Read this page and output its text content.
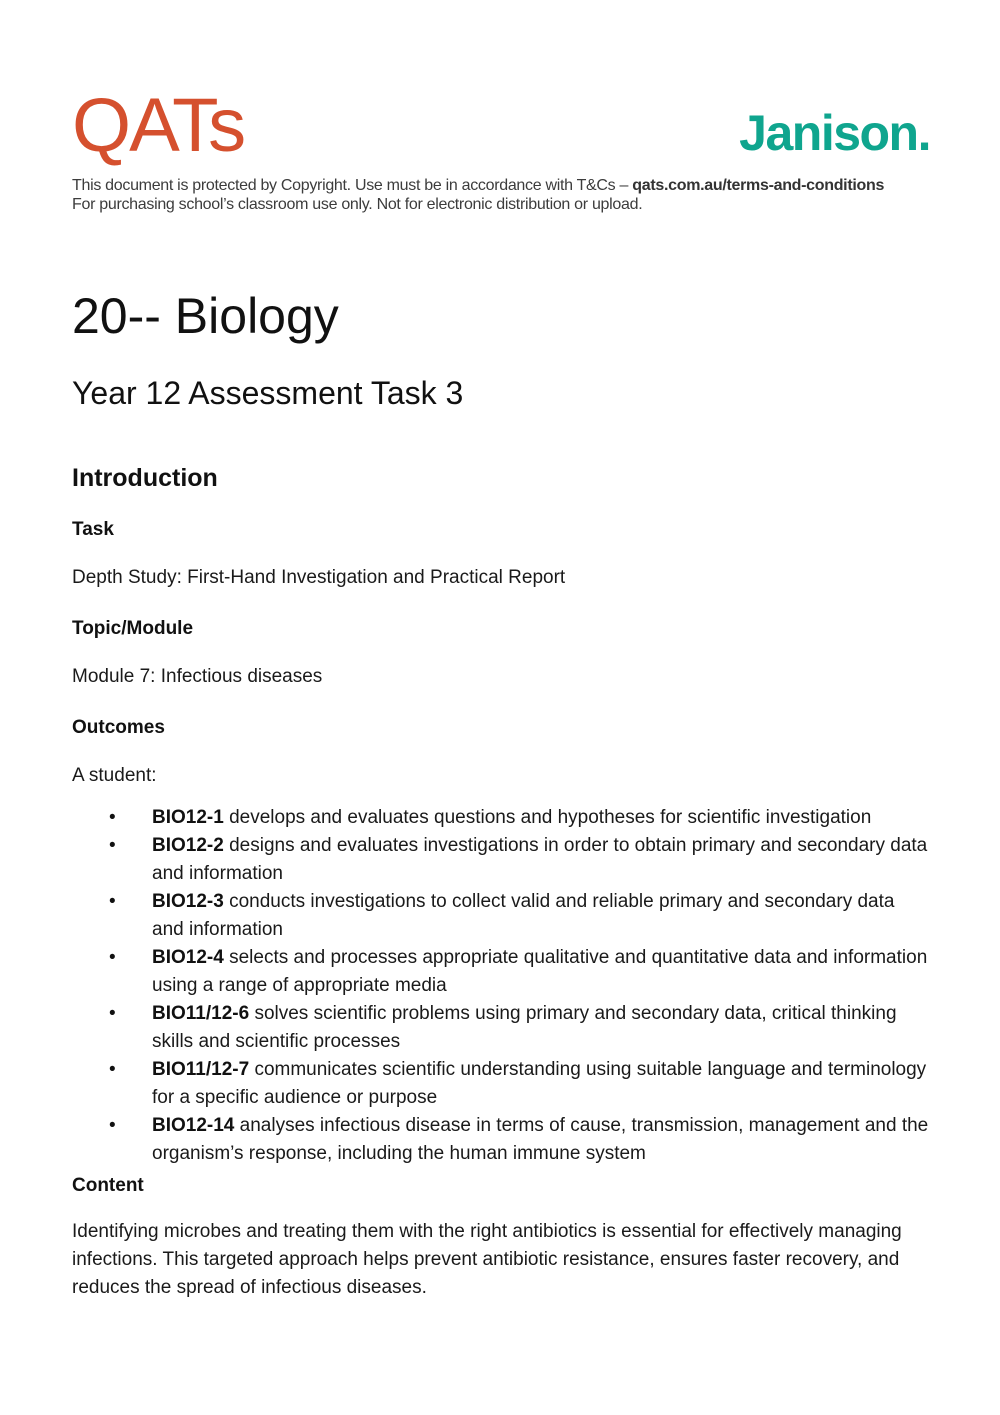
QATs	Janison.
This document is protected by Copyright. Use must be in accordance with T&Cs – qats.com.au/terms-and-conditions
For purchasing school’s classroom use only. Not for electronic distribution or upload.
20-- Biology
Year 12 Assessment Task 3
Introduction
Task

Depth Study: First-Hand Investigation and Practical Report

Topic/Module

Module 7: Infectious diseases

Outcomes

A student:

• BIO12-1 develops and evaluates questions and hypotheses for scientific investigation
• BIO12-2 designs and evaluates investigations in order to obtain primary and secondary data and information
• BIO12-3 conducts investigations to collect valid and reliable primary and secondary data and information
• BIO12-4 selects and processes appropriate qualitative and quantitative data and information using a range of appropriate media
• BIO11/12-6 solves scientific problems using primary and secondary data, critical thinking skills and scientific processes
• BIO11/12-7 communicates scientific understanding using suitable language and terminology for a specific audience or purpose
• BIO12-14 analyses infectious disease in terms of cause, transmission, management and the organism’s response, including the human immune system
Content

Identifying microbes and treating them with the right antibiotics is essential for effectively managing infections. This targeted approach helps prevent antibiotic resistance, ensures faster recovery, and reduces the spread of infectious diseases.
